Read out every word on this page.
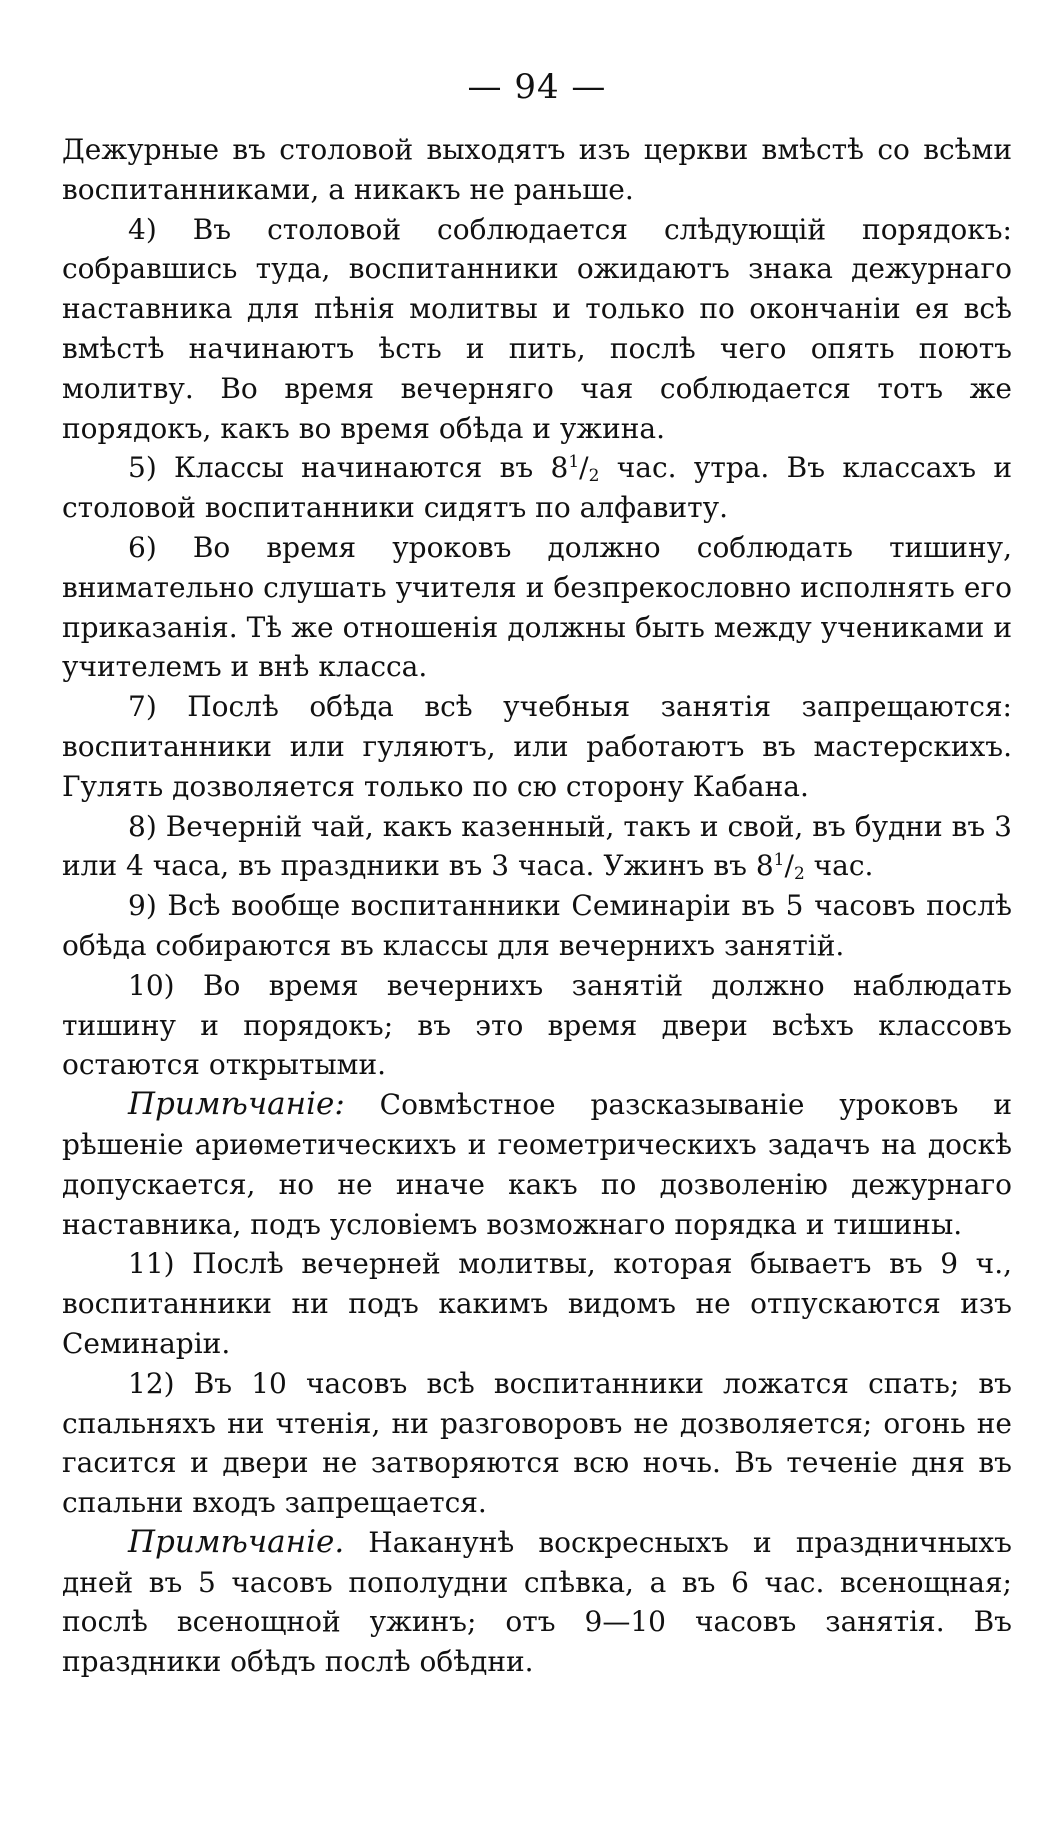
— 94 —

Дежурные въ столовой выходятъ изъ церкви вмѣстѣ со всѣми воспитанниками, а никакъ не раньше.

4) Въ столовой соблюдается слѣдующій порядокъ: собравшись туда, воспитанники ожидаютъ знака дежурнаго наставника для пѣнія молитвы и только по окончаніи ея всѣ вмѣстѣ начинаютъ ѣсть и пить, послѣ чего опять поютъ молитву. Во время вечерняго чая соблюдается тотъ же порядокъ, какъ во время обѣда и ужина.

5) Классы начинаются въ $8^1/_2$ час. утра. Въ классахъ и столовой воспитанники сидятъ по алфавиту.

6) Во время уроковъ должно соблюдать тишину, внимательно слушать учителя и безпрекословно исполнять его приказанія. Тѣ же отношенія должны быть между учениками и учителемъ и внѣ класса.

7) Послѣ обѣда всѣ учебныя занятія запрещаются: воспитанники или гуляютъ, или работаютъ въ мастерскихъ. Гулять дозволяется только по сю сторону Кабана.

8) Вечерній чай, какъ казенный, такъ и свой, въ будни въ 3 или 4 часа, въ праздники въ 3 часа. Ужинъ въ $8^1/_2$ час.

9) Всѣ вообще воспитанники Семинаріи въ 5 часовъ послѣ обѣда собираются въ классы для вечернихъ занятій.

10) Во время вечернихъ занятій должно наблюдать тишину и порядокъ; въ это время двери всѣхъ классовъ остаются открытыми.

Примѣчаніе: Совмѣстное разсказываніе уроковъ и рѣшеніе ариѳметическихъ и геометрическихъ задачъ на доскѣ допускается, но не иначе какъ по дозволенію дежурнаго наставника, подъ условіемъ возможнаго порядка и тишины.

11) Послѣ вечерней молитвы, которая бываетъ въ 9 ч., воспитанники ни подъ какимъ видомъ не отпускаются изъ Семинаріи.

12) Въ 10 часовъ всѣ воспитанники ложатся спать; въ спальняхъ ни чтенія, ни разговоровъ не дозволяется; огонь не гасится и двери не затворяются всю ночь. Въ теченіе дня въ спальни входъ запрещается.

Примѣчаніе. Наканунѣ воскресныхъ и праздничныхъ дней въ 5 часовъ пополудни спѣвка, а въ 6 час. всенощная; послѣ всенощной ужинъ; отъ 9—10 часовъ занятія. Въ праздники обѣдъ послѣ обѣдни.
